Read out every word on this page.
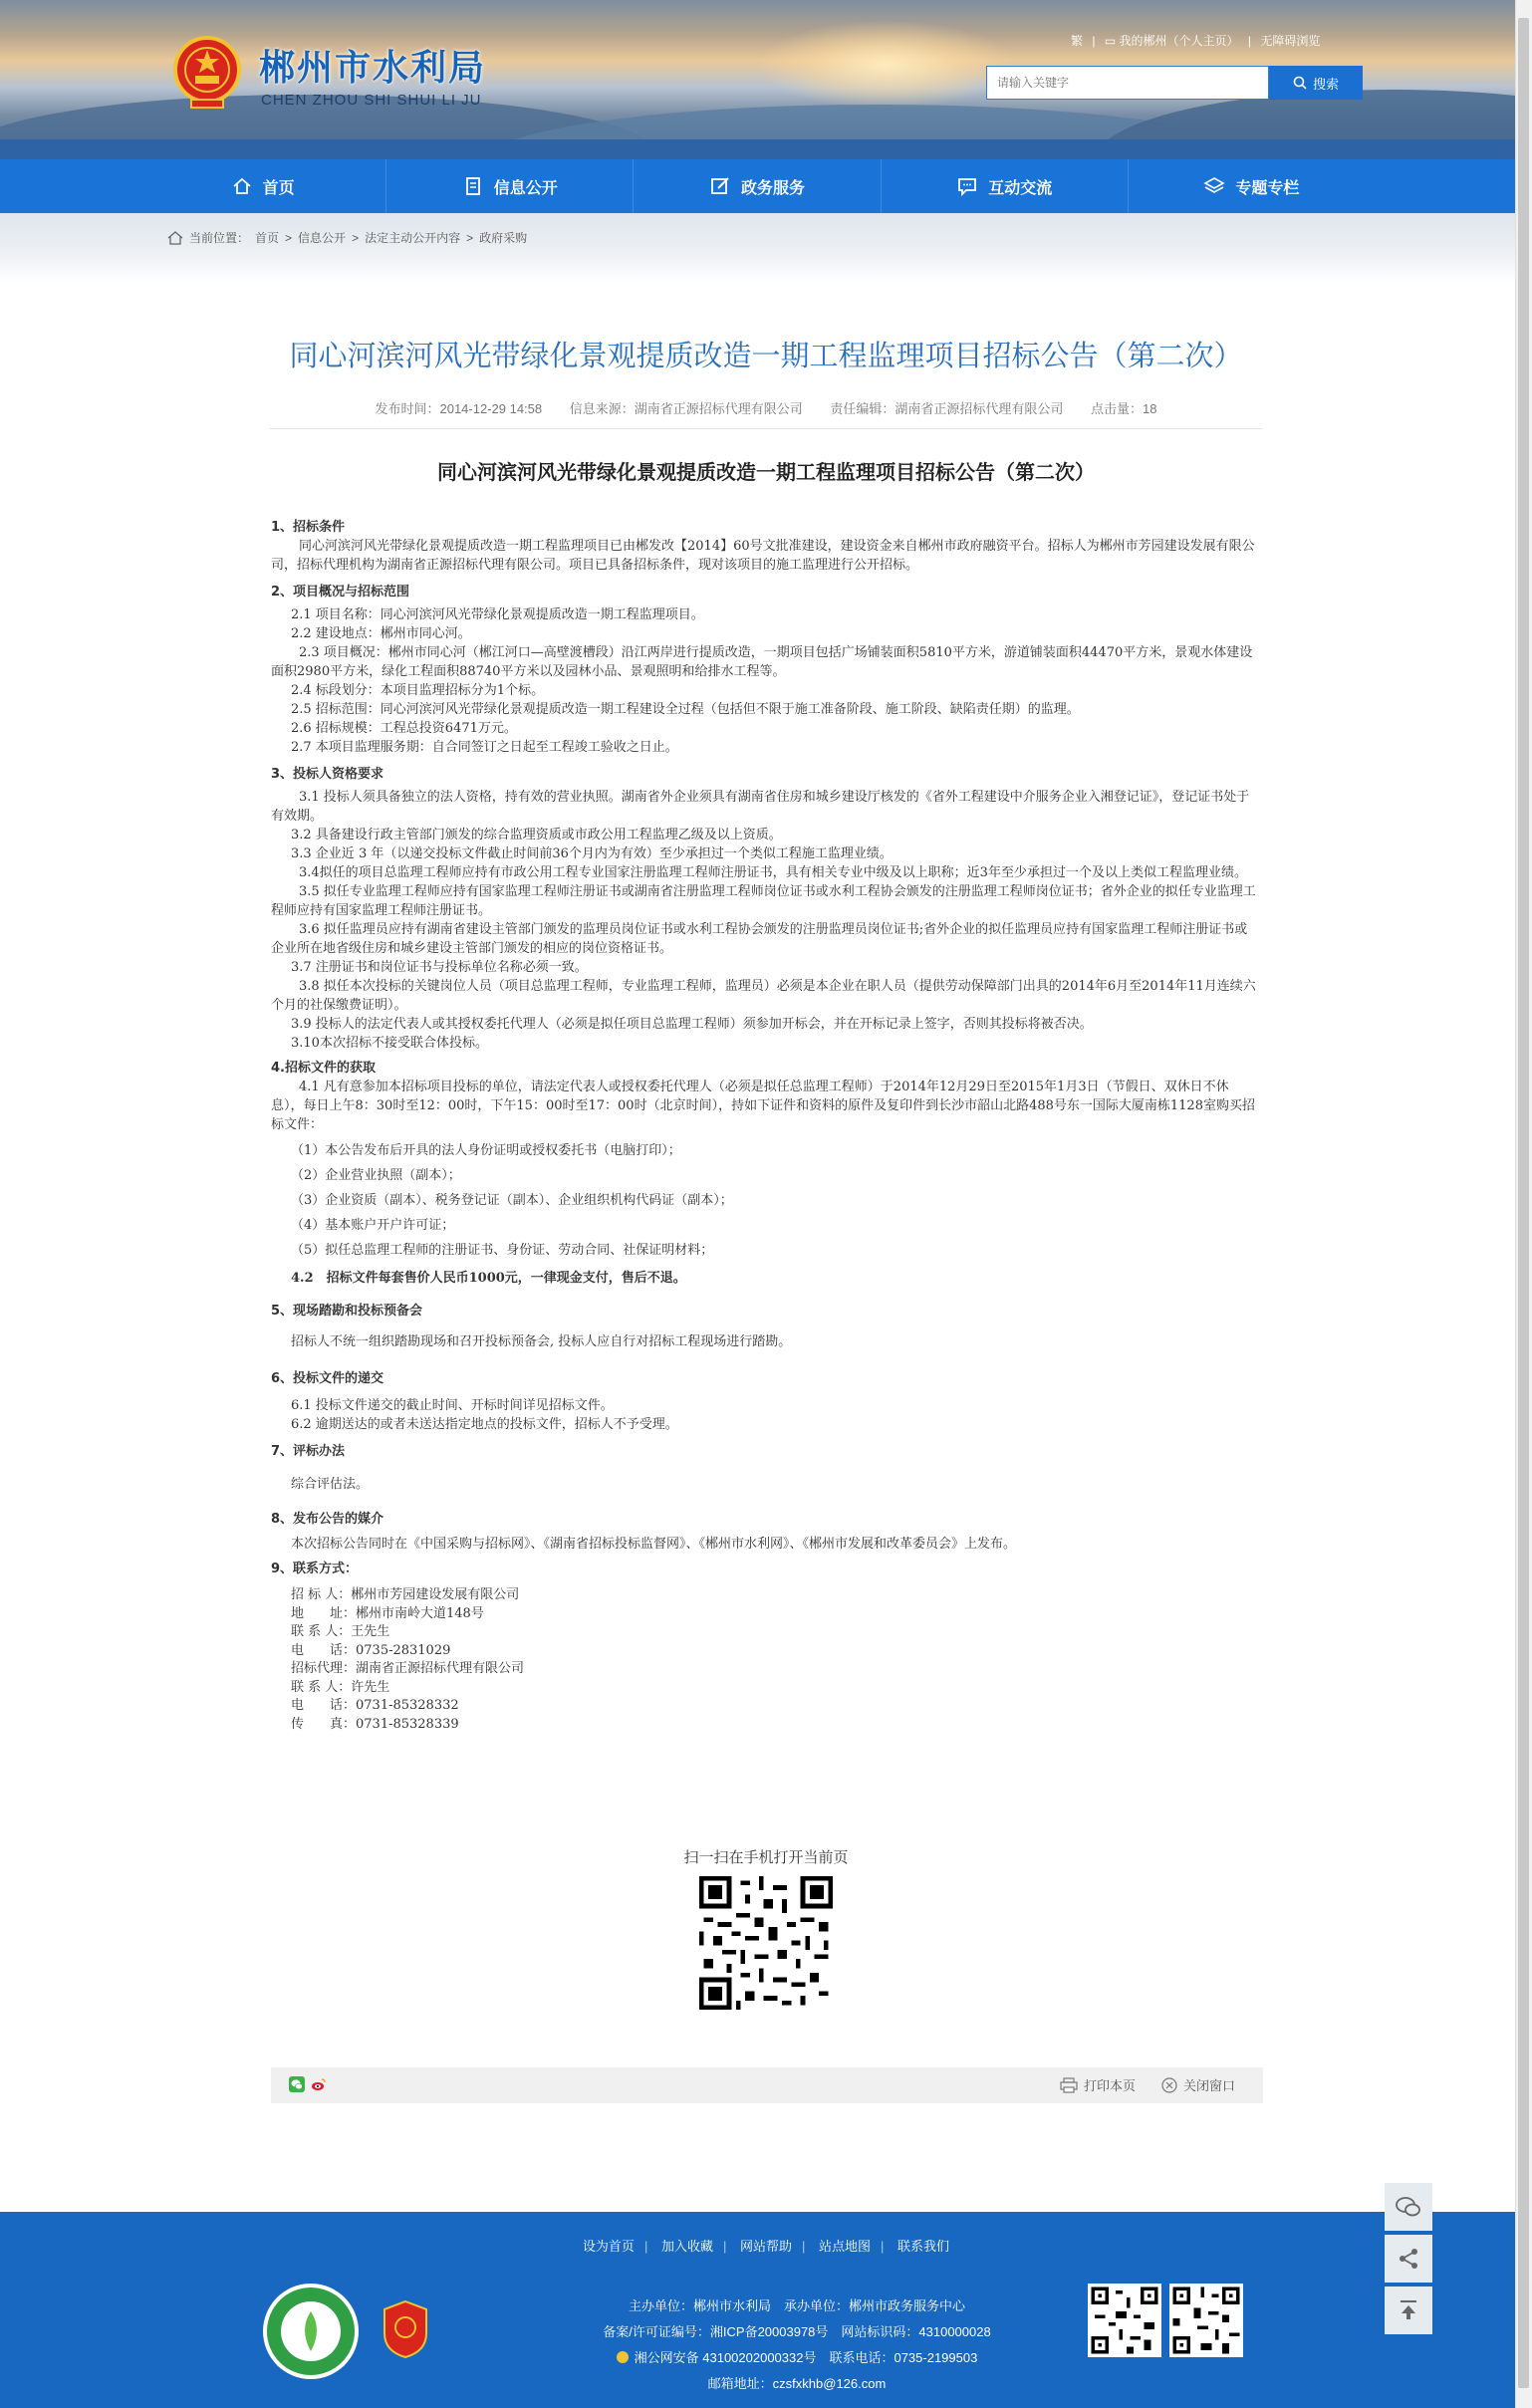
郴州市水利局
CHEN ZHOU SHI SHUI LI JU
繁 | ▭ 我的郴州（个人主页） | 无障碍浏览
请输入关键字
搜索
首页	信息公开	政务服务	互动交流	专题专栏
当前位置： 首页 > 信息公开 > 法定主动公开内容 > 政府采购
同心河滨河风光带绿化景观提质改造一期工程监理项目招标公告（第二次）
发布时间：2014-12-29 14:58 信息来源：湖南省正源招标代理有限公司 责任编辑：湖南省正源招标代理有限公司 点击量：18
同心河滨河风光带绿化景观提质改造一期工程监理项目招标公告（第二次）

1、招标条件

同心河滨河风光带绿化景观提质改造一期工程监理项目已由郴发改【2014】60号文批准建设，建设资金来自郴州市政府融资平台。招标人为郴州市芳园建设发展有限公司，招标代理机构为湖南省正源招标代理有限公司。项目已具备招标条件，现对该项目的施工监理进行公开招标。

2、项目概况与招标范围

2.1 项目名称：同心河滨河风光带绿化景观提质改造一期工程监理项目。

2.2 建设地点：郴州市同心河。

2.3 项目概况：郴州市同心河（郴江河口—高壁渡槽段）沿江两岸进行提质改造，一期项目包括广场铺装面积5810平方米，游道铺装面积44470平方米，景观水体建设面积2980平方米，绿化工程面积88740平方米以及园林小品、景观照明和给排水工程等。

2.4 标段划分：本项目监理招标分为1个标。

2.5 招标范围：同心河滨河风光带绿化景观提质改造一期工程建设全过程（包括但不限于施工准备阶段、施工阶段、缺陷责任期）的监理。

2.6 招标规模：工程总投资6471万元。

2.7 本项目监理服务期：自合同签订之日起至工程竣工验收之日止。

3、投标人资格要求

3.1 投标人须具备独立的法人资格，持有效的营业执照。湖南省外企业须具有湖南省住房和城乡建设厅核发的《省外工程建设中介服务企业入湘登记证》，登记证书处于有效期。

3.2 具备建设行政主管部门颁发的综合监理资质或市政公用工程监理乙级及以上资质。

3.3 企业近 3 年（以递交投标文件截止时间前36个月内为有效）至少承担过一个类似工程施工监理业绩。

3.4拟任的项目总监理工程师应持有市政公用工程专业国家注册监理工程师注册证书，具有相关专业中级及以上职称；近3年至少承担过一个及以上类似工程监理业绩。

3.5 拟任专业监理工程师应持有国家监理工程师注册证书或湖南省注册监理工程师岗位证书或水利工程协会颁发的注册监理工程师岗位证书；省外企业的拟任专业监理工程师应持有国家监理工程师注册证书。

3.6 拟任监理员应持有湖南省建设主管部门颁发的监理员岗位证书或水利工程协会颁发的注册监理员岗位证书;省外企业的拟任监理员应持有国家监理工程师注册证书或企业所在地省级住房和城乡建设主管部门颁发的相应的岗位资格证书。

3.7 注册证书和岗位证书与投标单位名称必须一致。

3.8 拟任本次投标的关键岗位人员（项目总监理工程师，专业监理工程师，监理员）必须是本企业在职人员（提供劳动保障部门出具的2014年6月至2014年11月连续六个月的社保缴费证明）。

3.9 投标人的法定代表人或其授权委托代理人（必须是拟任项目总监理工程师）须参加开标会，并在开标记录上签字，否则其投标将被否决。

3.10本次招标不接受联合体投标。

4.招标文件的获取

4.1 凡有意参加本招标项目投标的单位，请法定代表人或授权委托代理人（必须是拟任总监理工程师）于2014年12月29日至2015年1月3日（节假日、双休日不休息），每日上午8：30时至12：00时，下午15：00时至17：00时（北京时间），持如下证件和资料的原件及复印件到长沙市韶山北路488号东一国际大厦南栋1128室购买招标文件：

（1）本公告发布后开具的法人身份证明或授权委托书（电脑打印）；

（2）企业营业执照（副本）；

（3）企业资质（副本）、税务登记证（副本）、企业组织机构代码证（副本）；

（4）基本账户开户许可证；

（5）拟任总监理工程师的注册证书、身份证、劳动合同、社保证明材料；

4.2　招标文件每套售价人民币1000元，一律现金支付，售后不退。

5、现场踏勘和投标预备会

招标人不统一组织踏勘现场和召开投标预备会, 投标人应自行对招标工程现场进行踏勘。

6、投标文件的递交

6.1 投标文件递交的截止时间、开标时间详见招标文件。

6.2 逾期送达的或者未送达指定地点的投标文件，招标人不予受理。

7、评标办法

综合评估法。

8、发布公告的媒介

本次招标公告同时在《中国采购与招标网》、《湖南省招标投标监督网》、《郴州市水利网》、《郴州市发展和改革委员会》上发布。

9、联系方式：

招 标 人：郴州市芳园建设发展有限公司

地　　址：郴州市南岭大道148号

联 系 人：王先生

电　　话：0735-2831029

招标代理：湖南省正源招标代理有限公司

联 系 人：许先生

电　　话：0731-85328332

传　　真：0731-85328339

扫一扫在手机打开当前页
打印本页	关闭窗口
设为首页 | 加入收藏 | 网站帮助 | 站点地图 | 联系我们
主办单位：郴州市水利局　承办单位：郴州市政务服务中心
备案/许可证编号：湘ICP备20003978号　网站标识码：4310000028
湘公网安备 43100202000332号　联系电话：0735-2199503
邮箱地址：czsfxkhb@126.com
